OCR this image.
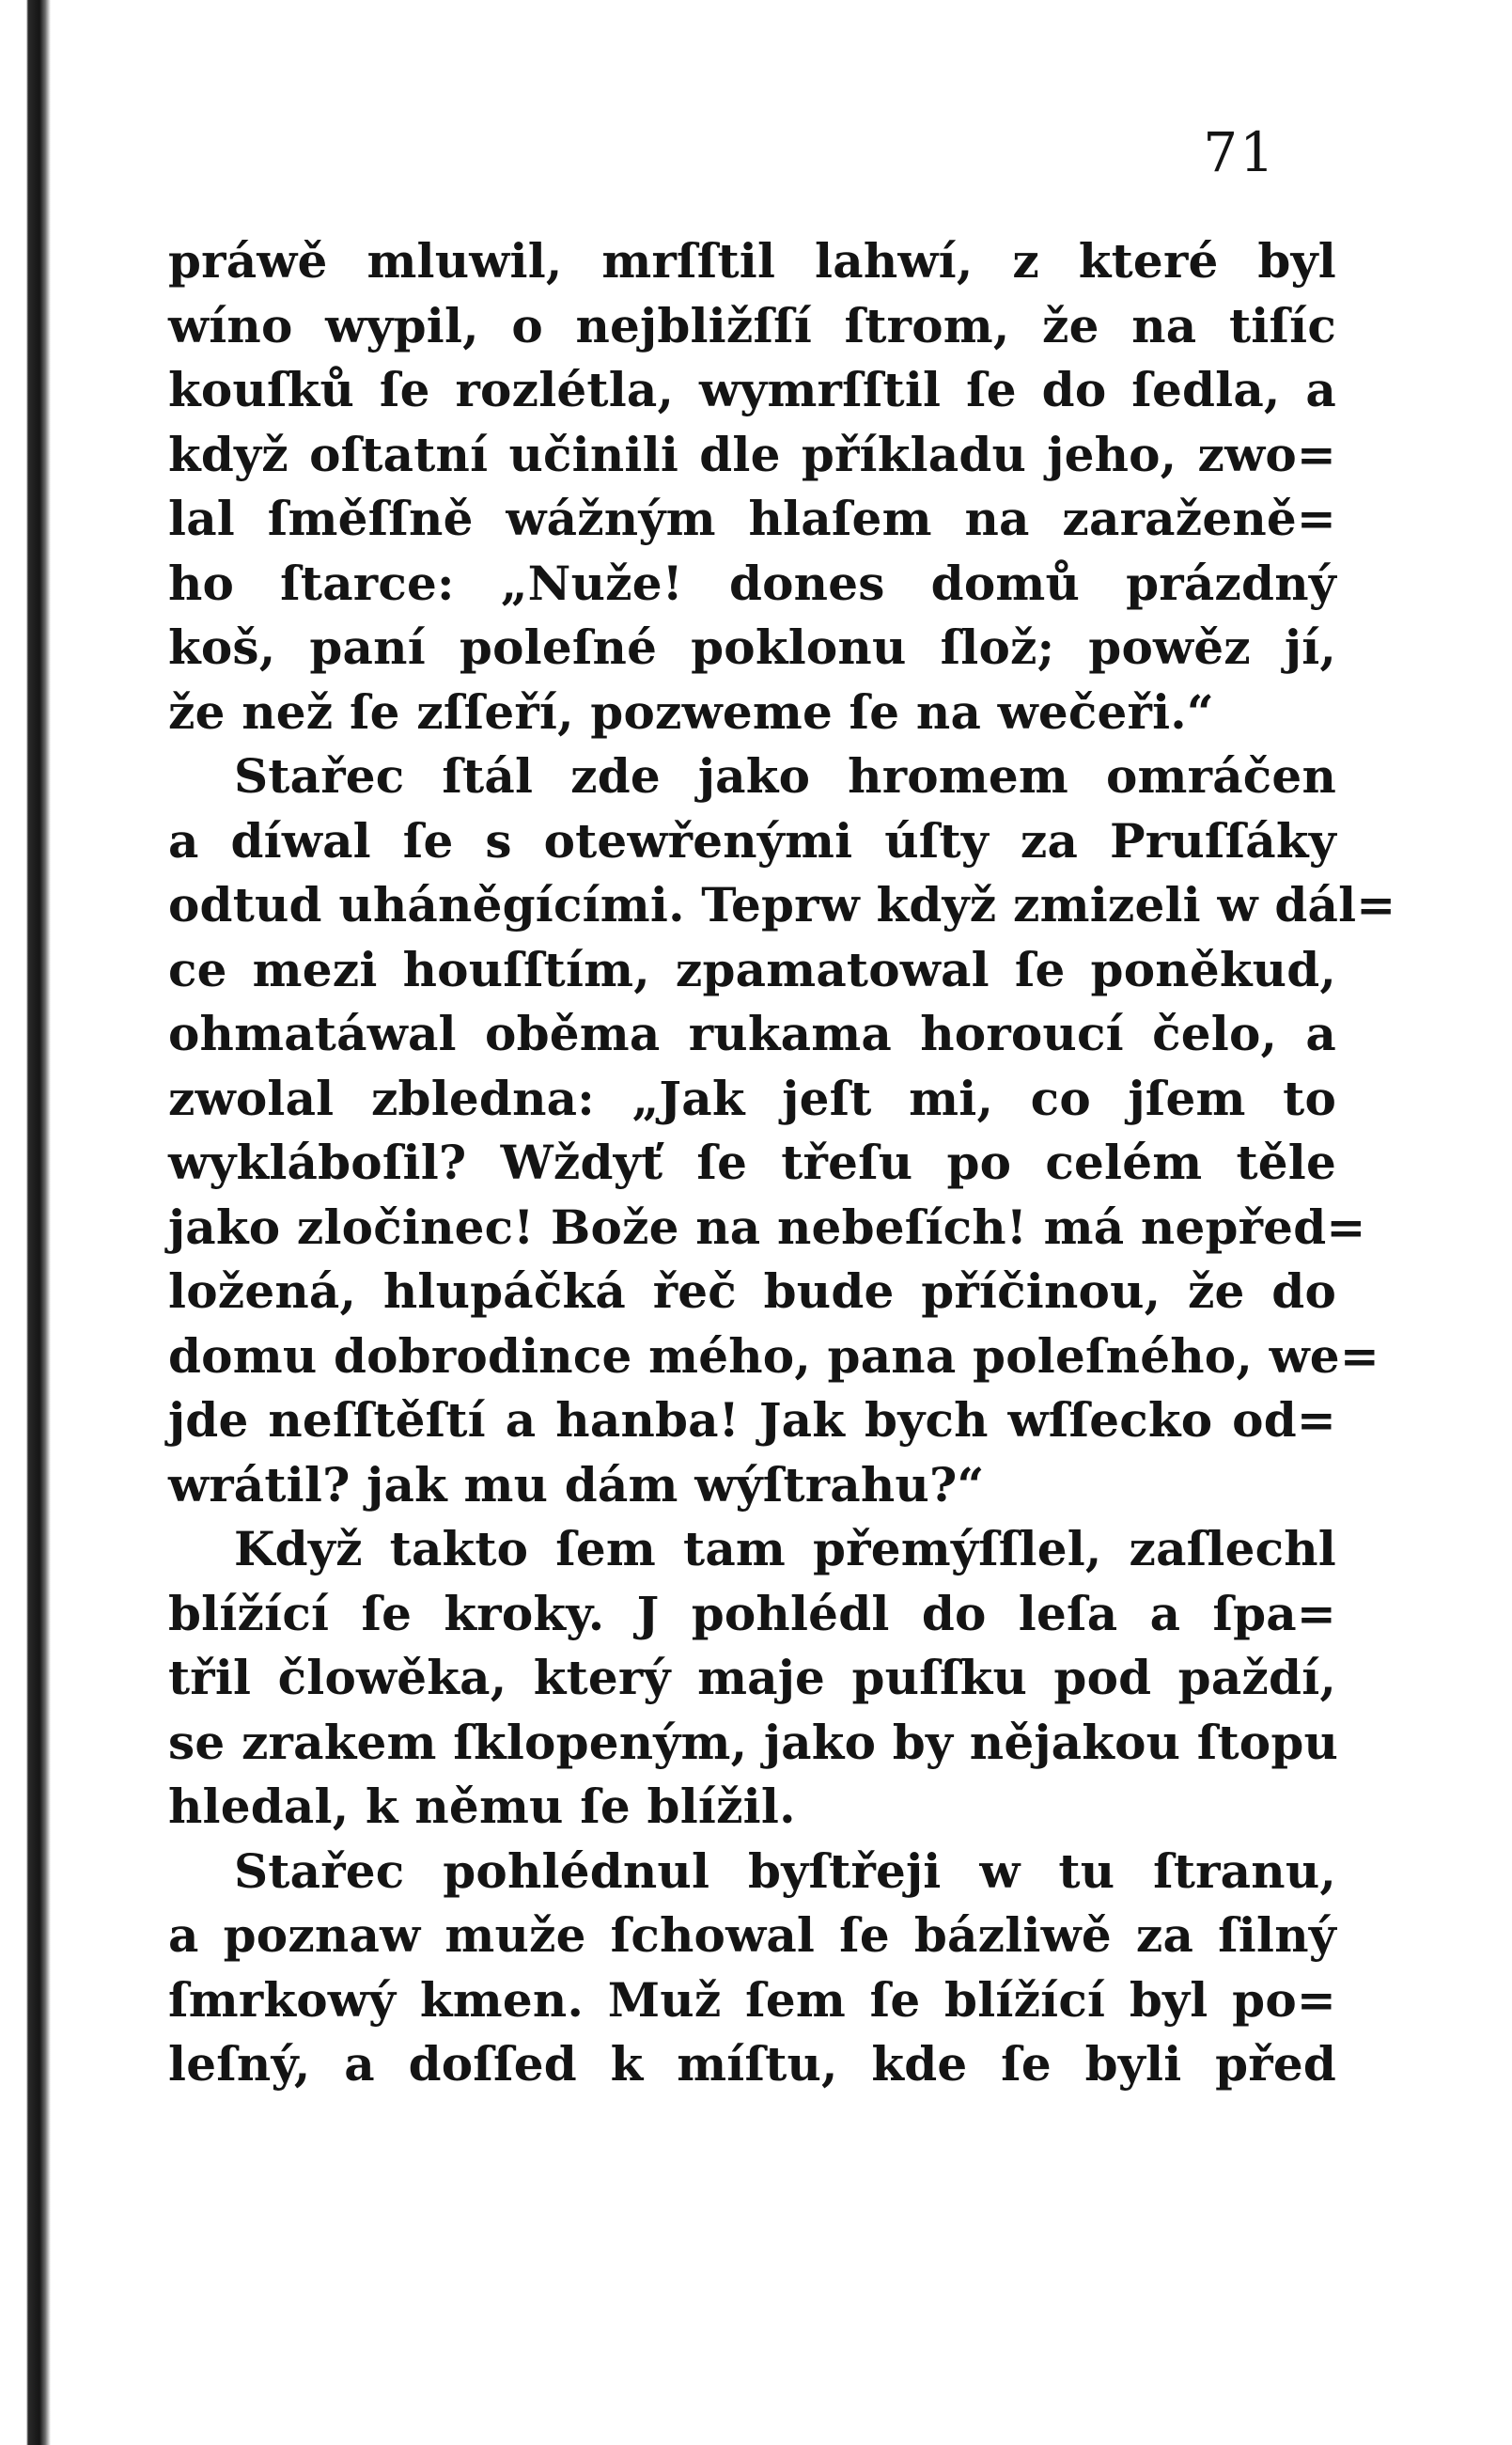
71
práwě mluwil, mrſſtil lahwí, z které byl
wíno wypil, o nejbližſſí ſtrom, že na tiſíc
kouſků ſe rozlétla, wymrſſtil ſe do ſedla, a
když oſtatní učinili dle příkladu jeho, zwo=
lal ſměſſně wážným hlaſem na zaraženě=
ho ſtarce: „Nuže! dones domů prázdný
koš, paní poleſné poklonu ſlož; powěz jí,
že než ſe zſſeří, pozweme ſe na wečeři.“
Stařec ſtál zde jako hromem omráčen
a díwal ſe s otewřenými úſty za Pruſſáky
odtud uháněgícími. Teprw když zmizeli w dál=
ce mezi houſſtím, zpamatowal ſe poněkud,
ohmatáwal oběma rukama horoucí čelo, a
zwolal zbledna: „Jak jeſt mi, co jſem to
wykláboſil? Wždyť ſe třeſu po celém těle
jako zločinec! Bože na nebeſích! má nepřed=
ložená, hlupáčká řeč bude příčinou, že do
domu dobrodince mého, pana poleſného, we=
jde neſſtěſtí a hanba! Jak bych wſſecko od=
wrátil? jak mu dám wýſtrahu?“
Když takto ſem tam přemýſſlel, zaſlechl
blížící ſe kroky. J pohlédl do leſa a ſpa=
třil člowěka, který maje puſſku pod paždí,
se zrakem ſklopeným, jako by nějakou ſtopu
hledal, k němu ſe blížil.
Stařec pohlédnul byſtřeji w tu ſtranu,
a poznaw muže ſchowal ſe bázliwě za ſilný
ſmrkowý kmen. Muž ſem ſe blížící byl po=
leſný, a doſſed k míſtu, kde ſe byli před
